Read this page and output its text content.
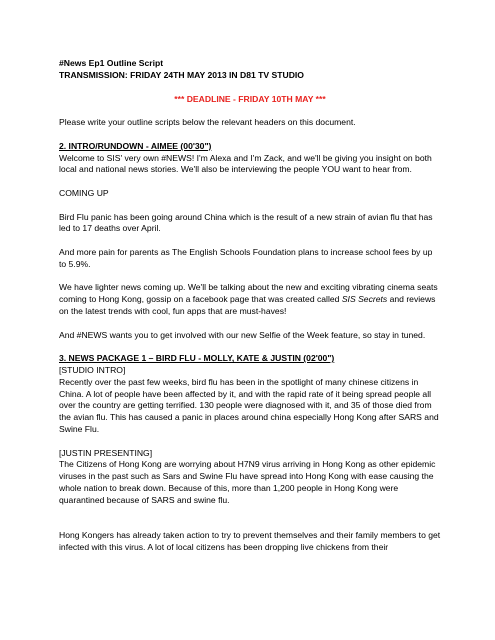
#News Ep1 Outline Script

TRANSMISSION: FRIDAY 24TH MAY 2013 IN D81 TV STUDIO

*** DEADLINE - FRIDAY 10TH MAY ***

Please write your outline scripts below the relevant headers on this document.

2. INTRO/RUNDOWN - AIMEE (00'30")

Welcome to SIS' very own #NEWS! I'm Alexa and I'm Zack, and we'll be giving you insight on both local and national news stories. We'll also be interviewing the people YOU want to hear from.

COMING UP

Bird Flu panic has been going around China which is the result of a new strain of avian flu that has led to 17 deaths over April.

And more pain for parents as The English Schools Foundation plans to increase school fees by up to 5.9%.

We have lighter news coming up. We'll be talking about the new and exciting vibrating cinema seats coming to Hong Kong, gossip on a facebook page that was created called SIS Secrets and reviews on the latest trends with cool, fun apps that are must-haves!

And #NEWS wants you to get involved with our new Selfie of the Week feature, so stay in tuned.

3. NEWS PACKAGE 1 – BIRD FLU - MOLLY, KATE & JUSTIN (02'00")

[STUDIO INTRO]

Recently over the past few weeks, bird flu has been in the spotlight of many chinese citizens in China. A lot of people have been affected by it, and with the rapid rate of it being spread people all over the country are getting terrified. 130 people were diagnosed with it, and 35 of those died from the avian flu. This has caused a panic in places around china especially Hong Kong after SARS and Swine Flu.

[JUSTIN PRESENTING]

The Citizens of Hong Kong are worrying about H7N9 virus arriving in Hong Kong as other epidemic viruses in the past such as Sars and Swine Flu have spread into Hong Kong with ease causing the whole nation to break down. Because of this, more than 1,200 people in Hong Kong were quarantined because of SARS and swine flu.

Hong Kongers has already taken action to try to prevent themselves and their family members to get infected with this virus. A lot of local citizens has been dropping live chickens from their
